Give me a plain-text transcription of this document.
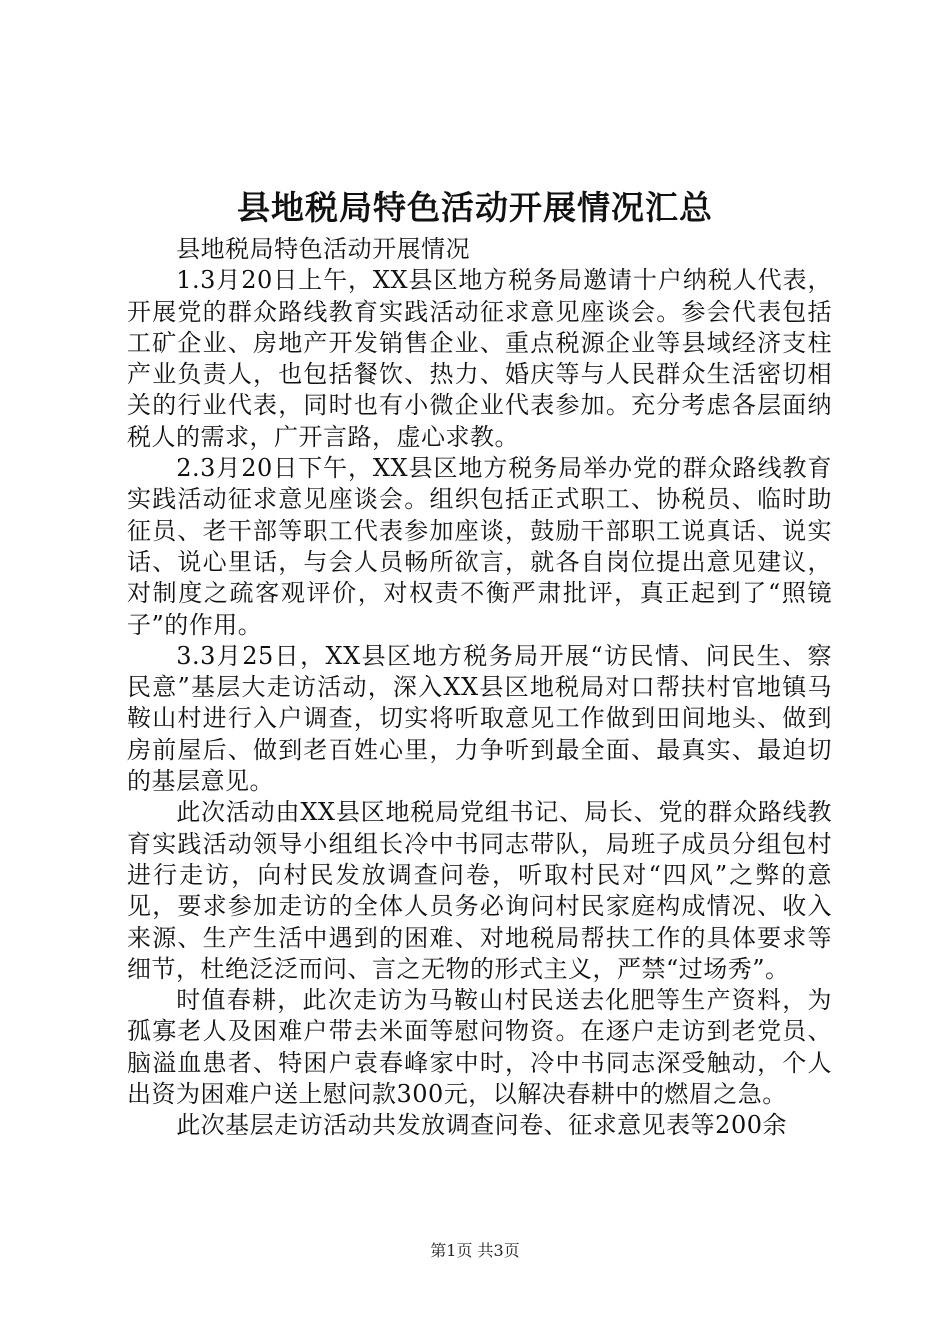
县地税局特色活动开展情况汇总

县地税局特色活动开展情况

1.3月20日上午，XX县区地方税务局邀请十户纳税人代表，开展党的群众路线教育实践活动征求意见座谈会。参会代表包括工矿企业、房地产开发销售企业、重点税源企业等县域经济支柱产业负责人，也包括餐饮、热力、婚庆等与人民群众生活密切相关的行业代表，同时也有小微企业代表参加。充分考虑各层面纳税人的需求，广开言路，虚心求教。

2.3月20日下午，XX县区地方税务局举办党的群众路线教育实践活动征求意见座谈会。组织包括正式职工、协税员、临时助征员、老干部等职工代表参加座谈，鼓励干部职工说真话、说实话、说心里话，与会人员畅所欲言，就各自岗位提出意见建议，对制度之疏客观评价，对权责不衡严肃批评，真正起到了“照镜子”的作用。

3.3月25日，XX县区地方税务局开展“访民情、问民生、察民意”基层大走访活动，深入XX县区地税局对口帮扶村官地镇马鞍山村进行入户调查，切实将听取意见工作做到田间地头、做到房前屋后、做到老百姓心里，力争听到最全面、最真实、最迫切的基层意见。

此次活动由XX县区地税局党组书记、局长、党的群众路线教育实践活动领导小组组长冷中书同志带队，局班子成员分组包村进行走访，向村民发放调查问卷，听取村民对“四风”之弊的意见，要求参加走访的全体人员务必询问村民家庭构成情况、收入来源、生产生活中遇到的困难、对地税局帮扶工作的具体要求等细节，杜绝泛泛而问、言之无物的形式主义，严禁“过场秀”。

时值春耕，此次走访为马鞍山村民送去化肥等生产资料，为孤寡老人及困难户带去米面等慰问物资。在逐户走访到老党员、脑溢血患者、特困户袁春峰家中时，冷中书同志深受触动，个人出资为困难户送上慰问款300元，以解决春耕中的燃眉之急。

此次基层走访活动共发放调查问卷、征求意见表等200余

第1页 共3页
